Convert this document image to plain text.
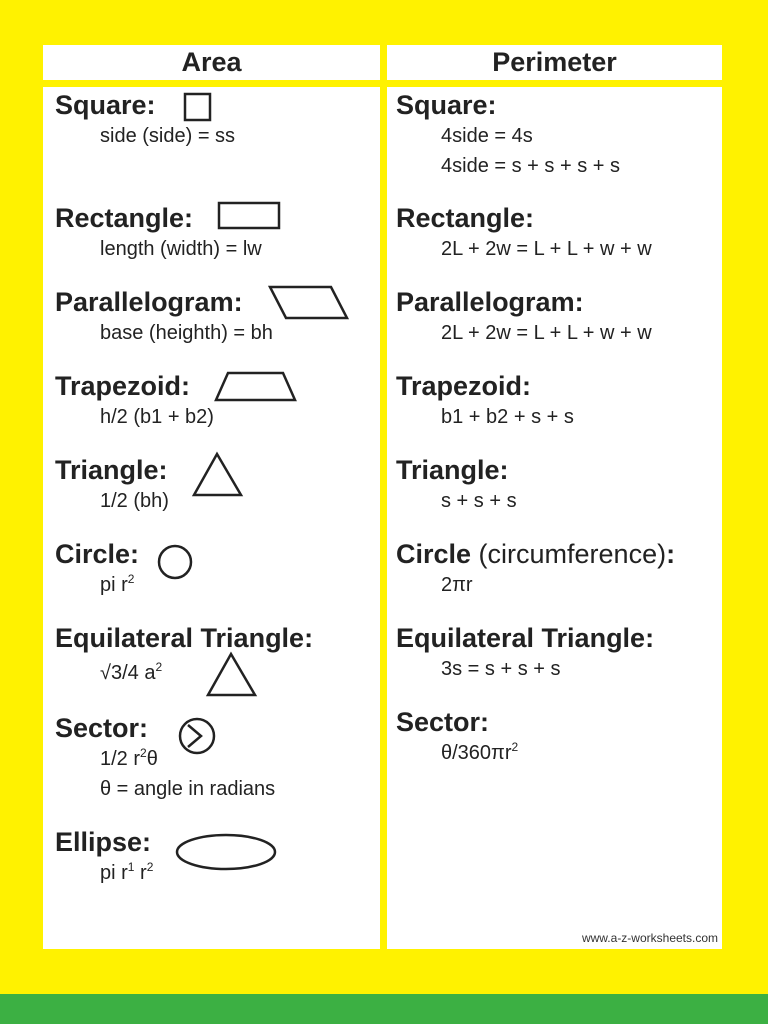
Area	Perimeter
Square:
side (side) = ss
Rectangle:
length (width) = lw
Parallelogram:
base (heighth) = bh
Trapezoid:
h/2 (b1 + b2)
Triangle:
1/2 (bh)
Circle:
pi $r^2$
Equilateral Triangle:
√3/4 $a^2$
Sector:
1/2 $r^2\theta$
θ = angle in radians
Ellipse:
pi $r^1$ $r^2$
Square:
4side = 4s
4side = s + s + s + s
Rectangle:
2L + 2w = L + L + w + w
Parallelogram:
2L + 2w = L + L + w + w
Trapezoid:
b1 + b2 + s + s
Triangle:
s + s + s
Circle (circumference):
2πr
Equilateral Triangle:
3s = s + s + s
Sector:
$\theta/360\pi r^2$
www.a-z-worksheets.com
